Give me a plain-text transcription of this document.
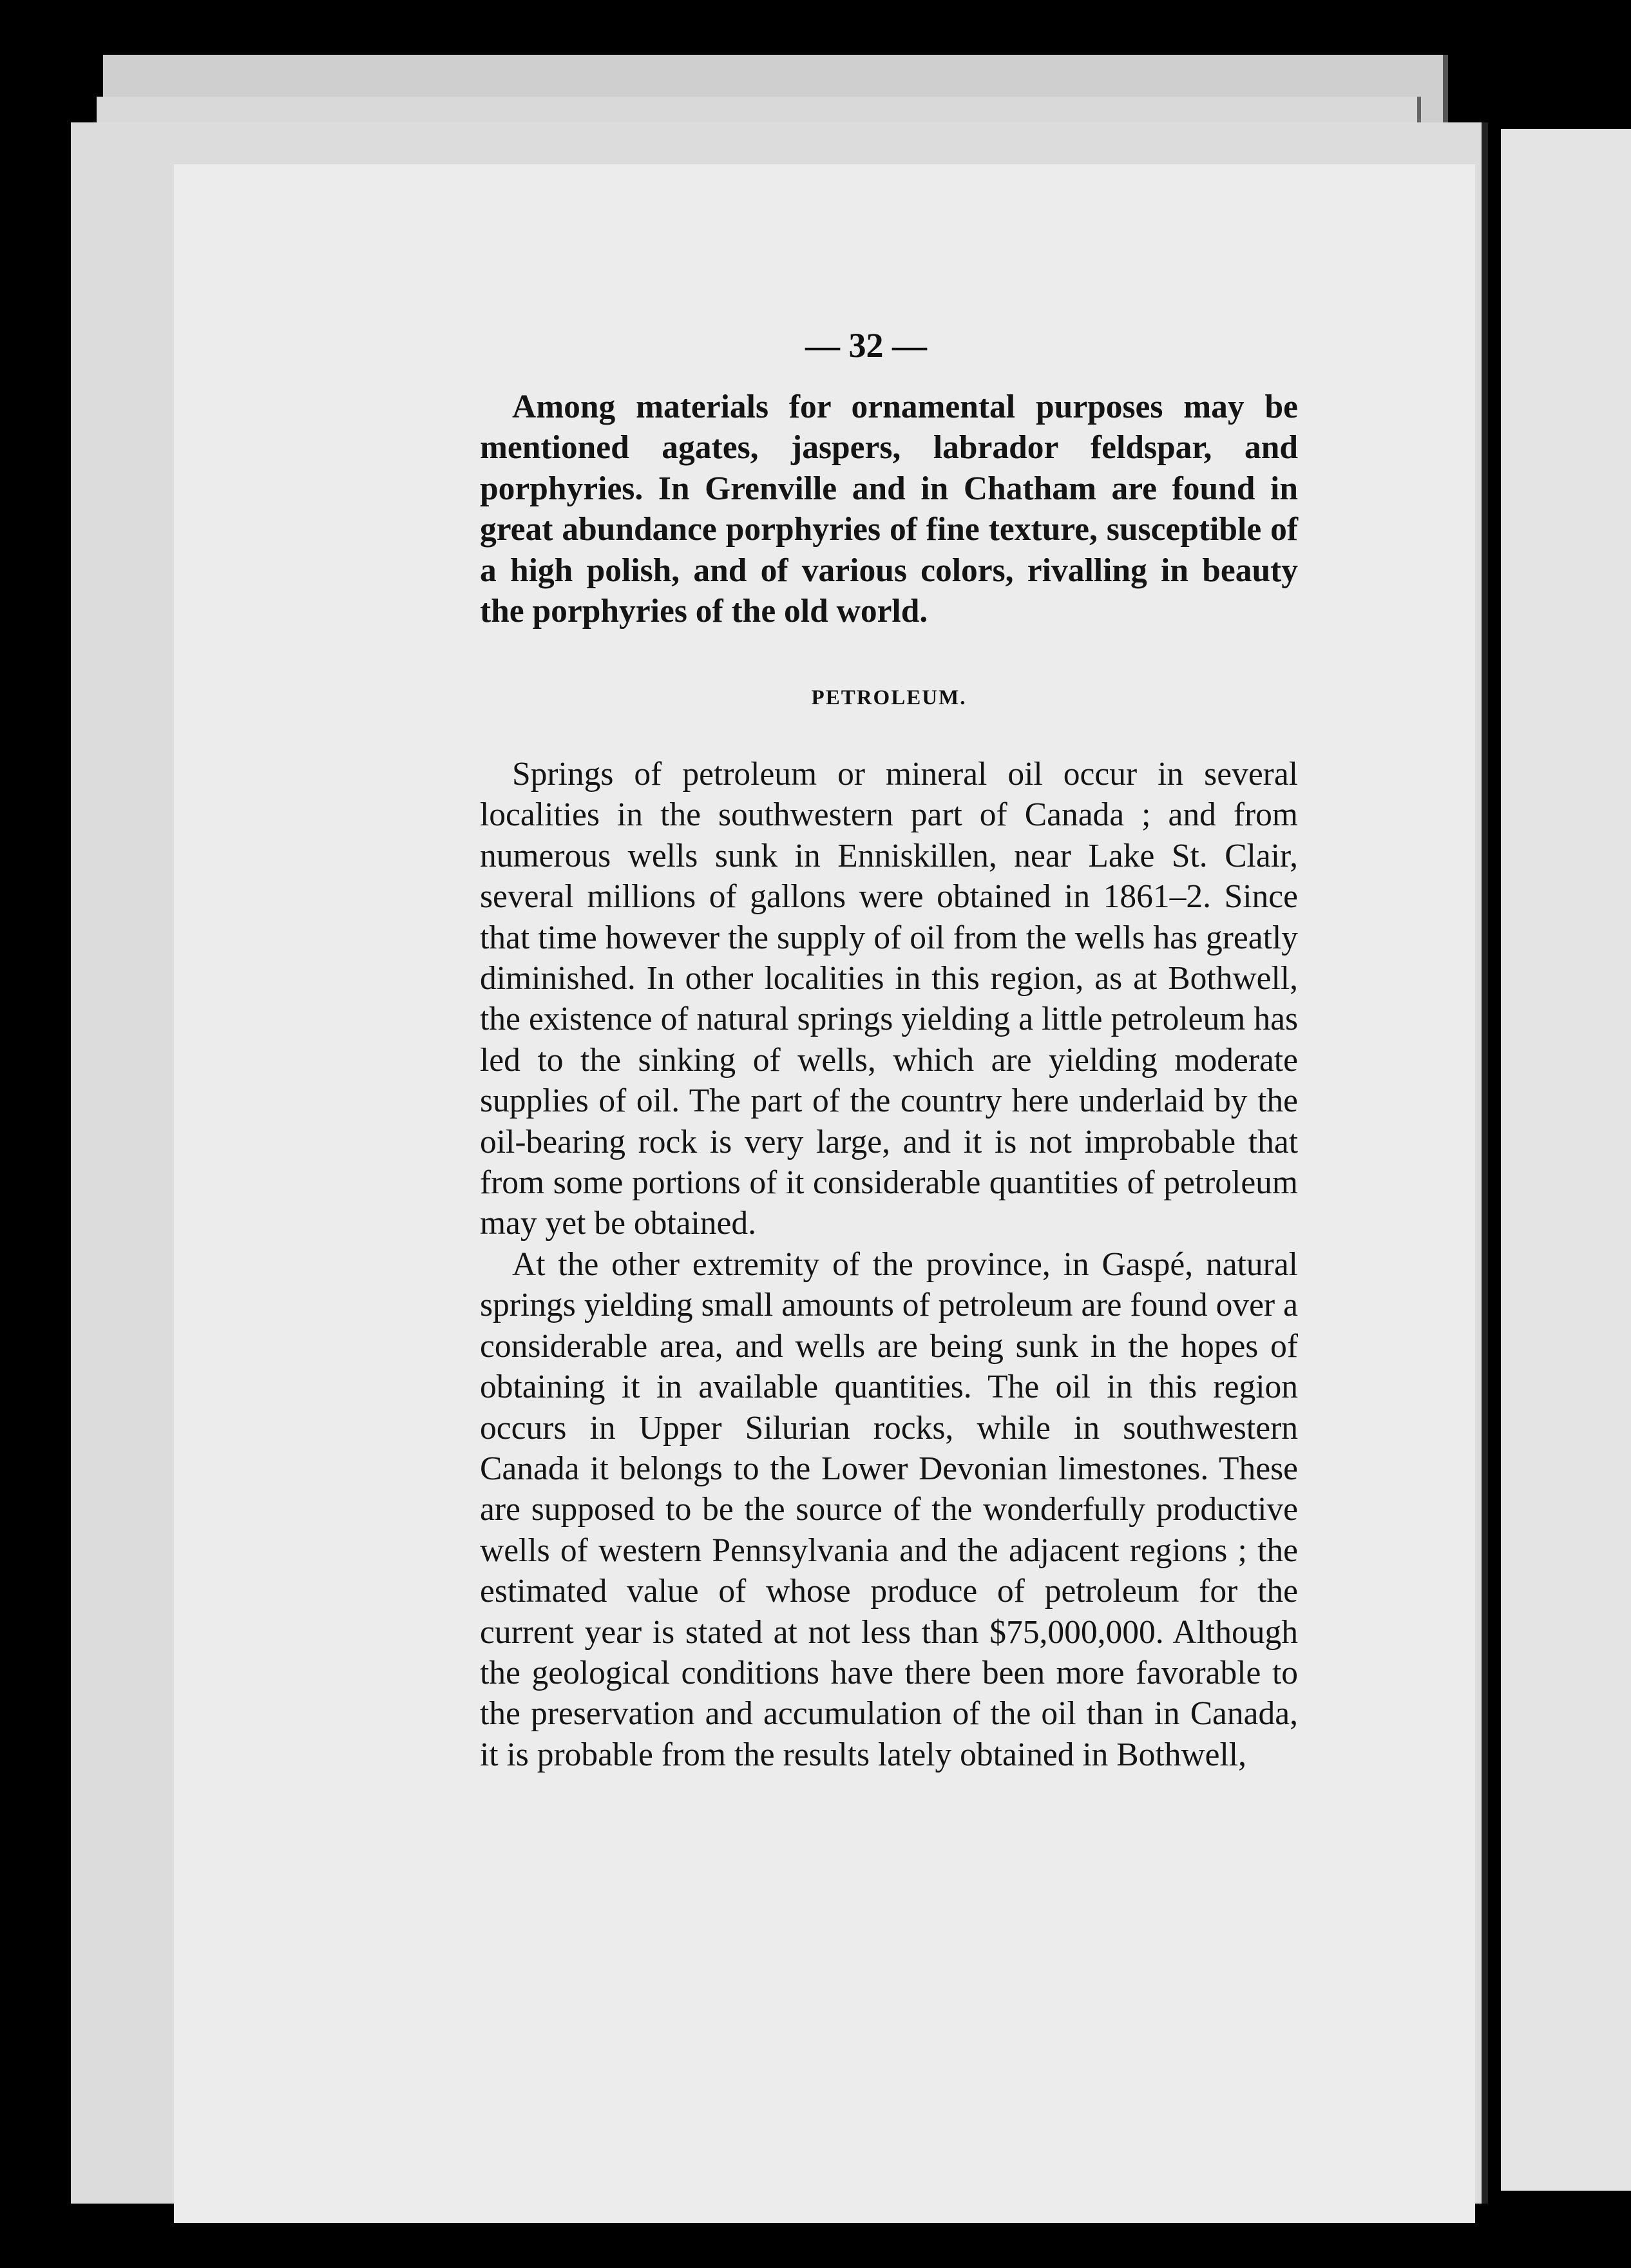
— 32 —

Among materials for ornamental purposes may be mentioned agates, jaspers, labrador feldspar, and porphyries. In Grenville and in Chatham are found in great abundance porphyries of fine texture, susceptible of a high polish, and of various colors, rivalling in beauty the porphyries of the old world.

PETROLEUM.

Springs of petroleum or mineral oil occur in several localities in the southwestern part of Canada ; and from numerous wells sunk in Enniskillen, near Lake St. Clair, several millions of gallons were obtained in 1861–2. Since that time however the supply of oil from the wells has greatly diminished. In other localities in this region, as at Bothwell, the existence of natural springs yielding a little petroleum has led to the sinking of wells, which are yielding moderate supplies of oil. The part of the country here underlaid by the oil-bearing rock is very large, and it is not improbable that from some portions of it considerable quantities of petroleum may yet be obtained.

At the other extremity of the province, in Gaspé, natural springs yielding small amounts of petroleum are found over a considerable area, and wells are being sunk in the hopes of obtaining it in available quantities. The oil in this region occurs in Upper Silurian rocks, while in southwestern Canada it belongs to the Lower Devonian limestones. These are supposed to be the source of the wonderfully productive wells of western Pennsylvania and the adjacent regions ; the estimated value of whose produce of petroleum for the current year is stated at not less than $75,000,000. Although the geological conditions have there been more favorable to the preservation and accumulation of the oil than in Canada, it is probable from the results lately obtained in Bothwell,
